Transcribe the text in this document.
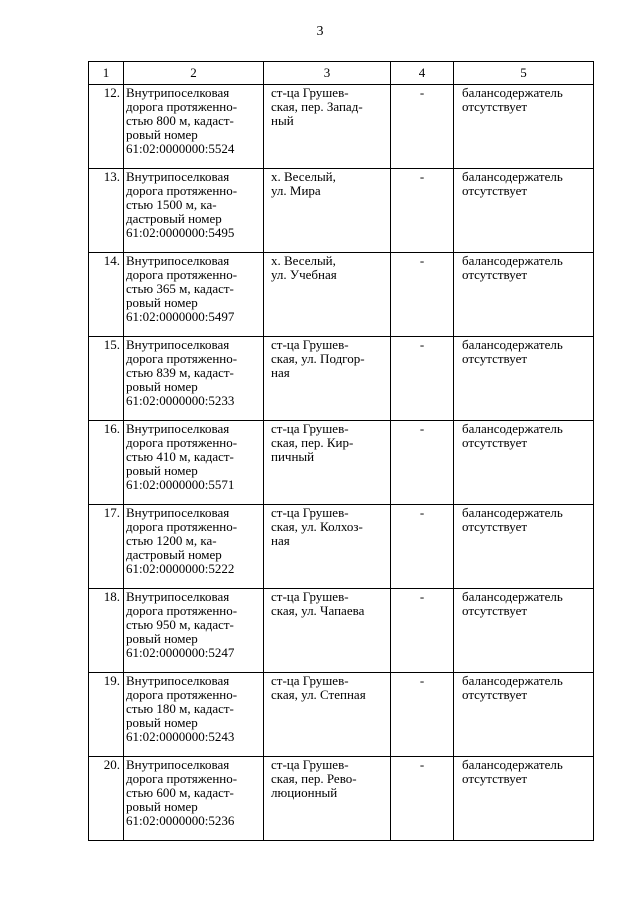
3
1	2	3	4	5
12.	Внутрипоселковая
дорога протяженно-
стью 800 м, кадаст-
ровый номер
61:02:0000000:5524	ст-ца Грушев-
ская, пер. Запад-
ный	-	балансодержатель
отсутствует
13.	Внутрипоселковая
дорога протяженно-
стью 1500 м, ка-
дастровый номер
61:02:0000000:5495	х. Веселый,
ул. Мира	-	балансодержатель
отсутствует
14.	Внутрипоселковая
дорога протяженно-
стью 365 м, кадаст-
ровый номер
61:02:0000000:5497	х. Веселый,
ул. Учебная	-	балансодержатель
отсутствует
15.	Внутрипоселковая
дорога протяженно-
стью 839 м, кадаст-
ровый номер
61:02:0000000:5233	ст-ца Грушев-
ская, ул. Подгор-
ная	-	балансодержатель
отсутствует
16.	Внутрипоселковая
дорога протяженно-
стью 410 м, кадаст-
ровый номер
61:02:0000000:5571	ст-ца Грушев-
ская, пер. Кир-
пичный	-	балансодержатель
отсутствует
17.	Внутрипоселковая
дорога протяженно-
стью 1200 м, ка-
дастровый номер
61:02:0000000:5222	ст-ца Грушев-
ская, ул. Колхоз-
ная	-	балансодержатель
отсутствует
18.	Внутрипоселковая
дорога протяженно-
стью 950 м, кадаст-
ровый номер
61:02:0000000:5247	ст-ца Грушев-
ская, ул. Чапаева	-	балансодержатель
отсутствует
19.	Внутрипоселковая
дорога протяженно-
стью 180 м, кадаст-
ровый номер
61:02:0000000:5243	ст-ца Грушев-
ская, ул. Степная	-	балансодержатель
отсутствует
20.	Внутрипоселковая
дорога протяженно-
стью 600 м, кадаст-
ровый номер
61:02:0000000:5236	ст-ца Грушев-
ская, пер. Рево-
люционный	-	балансодержатель
отсутствует
